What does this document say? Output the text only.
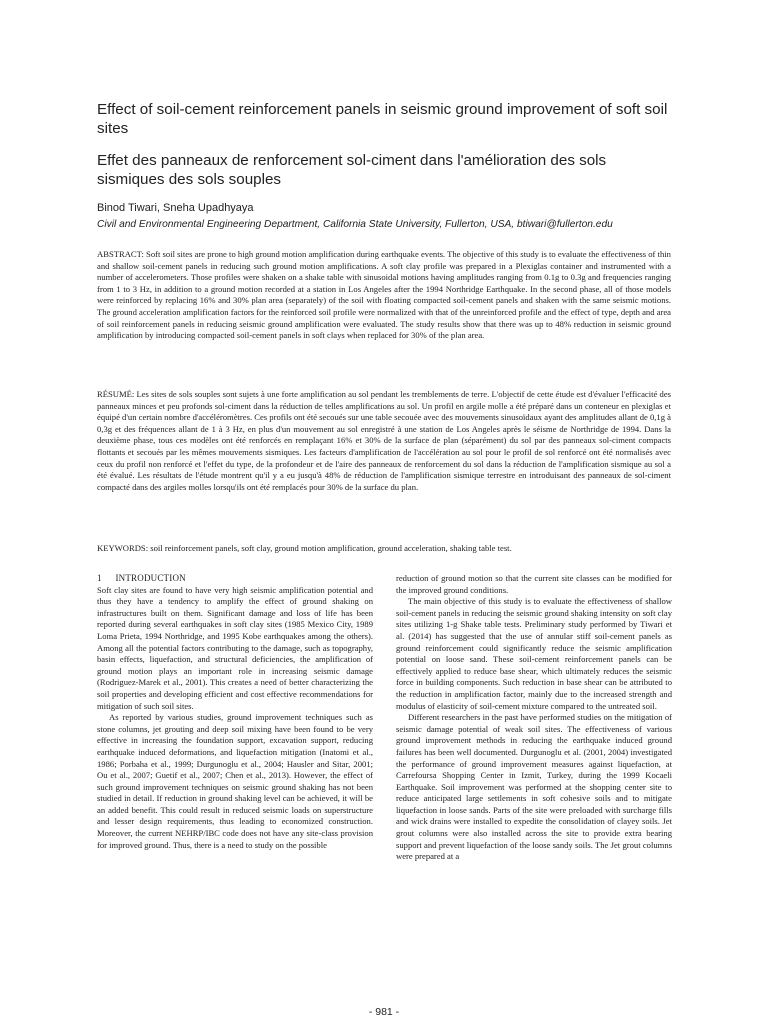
Effect of soil-cement reinforcement panels in seismic ground improvement of soft soil sites
Effet des panneaux de renforcement sol-ciment dans l'amélioration des sols sismiques des sols souples
Binod Tiwari, Sneha Upadhyaya
Civil and Environmental Engineering Department, California State University, Fullerton, USA, btiwari@fullerton.edu
ABSTRACT: Soft soil sites are prone to high ground motion amplification during earthquake events. The objective of this study is to evaluate the effectiveness of thin and shallow soil-cement panels in reducing such ground motion amplifications. A soft clay profile was prepared in a Plexiglas container and instrumented with a number of accelerometers. Those profiles were shaken on a shake table with sinusoidal motions having amplitudes ranging from 0.1g to 0.3g and frequencies ranging from 1 to 3 Hz, in addition to a ground motion recorded at a station in Los Angeles after the 1994 Northridge Earthquake. In the second phase, all of those models were reinforced by replacing 16% and 30% plan area (separately) of the soil with floating compacted soil-cement panels and shaken with the same seismic motions. The ground acceleration amplification factors for the reinforced soil profile were normalized with that of the unreinforced profile and the effect of type, depth and area of soil reinforcement panels in reducing seismic ground amplification were evaluated. The study results show that there was up to 48% reduction in seismic ground amplification by introducing compacted soil-cement panels in soft clays when replaced for 30% of the plan area.
RÉSUMÉ: Les sites de sols souples sont sujets à une forte amplification au sol pendant les tremblements de terre. L'objectif de cette étude est d'évaluer l'efficacité des panneaux minces et peu profonds sol-ciment dans la réduction de telles amplifications au sol. Un profil en argile molle a été préparé dans un conteneur en plexiglas et équipé d'un certain nombre d'accéléromètres. Ces profils ont été secoués sur une table secouée avec des mouvements sinusoïdaux ayant des amplitudes allant de 0,1g à 0,3g et des fréquences allant de 1 à 3 Hz, en plus d'un mouvement au sol enregistré à une station de Los Angeles après le séisme de Northridge de 1994. Dans la deuxième phase, tous ces modèles ont été renforcés en remplaçant 16% et 30% de la surface de plan (séparément) du sol par des panneaux sol-ciment compacts flottants et secoués par les mêmes mouvements sismiques. Les facteurs d'amplification de l'accélération au sol pour le profil de sol renforcé ont été normalisés avec ceux du profil non renforcé et l'effet du type, de la profondeur et de l'aire des panneaux de renforcement du sol dans la réduction de l'amplification sismique au sol a été évalué. Les résultats de l'étude montrent qu'il y a eu jusqu'à 48% de réduction de l'amplification sismique terrestre en introduisant des panneaux de sol-ciment compacté dans des argiles molles lorsqu'ils ont été remplacés pour 30% de la surface du plan.
KEYWORDS: soil reinforcement panels, soft clay, ground motion amplification, ground acceleration, shaking table test.

1 INTRODUCTION

Soft clay sites are found to have very high seismic amplification potential and thus they have a tendency to amplify the effect of ground shaking on infrastructures built on them. Significant damage and loss of life has been reported during several earthquakes in soft clay sites (1985 Mexico City, 1989 Loma Prieta, 1994 Northridge, and 1995 Kobe earthquakes among the others). Among all the potential factors contributing to the damage, such as topography, basin effects, liquefaction, and structural deficiencies, the amplification of ground motion plays an important role in increasing seismic damage (Rodriguez-Marek et al., 2001). This creates a need of better characterizing the soil properties and developing efficient and cost effective recommendations for mitigation of such soil sites.

As reported by various studies, ground improvement techniques such as stone columns, jet grouting and deep soil mixing have been found to be very effective in increasing the foundation support, excavation support, reducing earthquake induced deformations, and liquefaction mitigation (Inatomi et al., 1986; Porbaha et al., 1999; Durgunoglu et al., 2004; Hausler and Sitar, 2001; Ou et al., 2007; Guetif et al., 2007; Chen et al., 2013). However, the effect of such ground improvement techniques on seismic ground shaking has not been studied in detail. If reduction in ground shaking level can be achieved, it will be an added benefit. This could result in reduced seismic loads on superstructure and lesser design requirements, thus leading to economized construction. Moreover, the current NEHRP/IBC code does not have any site-class provision for improved ground. Thus, there is a need to study on the possible

reduction of ground motion so that the current site classes can be modified for the improved ground conditions.

The main objective of this study is to evaluate the effectiveness of shallow soil-cement panels in reducing the seismic ground shaking intensity on soft clay sites utilizing 1-g Shake table tests. Preliminary study performed by Tiwari et al. (2014) has suggested that the use of annular stiff soil-cement panels as ground reinforcement could significantly reduce the seismic amplification potential on loose sand. These soil-cement reinforcement panels can be effectively applied to reduce base shear, which ultimately reduces the seismic force in building components. Such reduction in base shear can be attributed to the reduction in amplification factor, mainly due to the increased strength and modulus of elasticity of soil-cement mixture compared to the untreated soil.

Different researchers in the past have performed studies on the mitigation of seismic damage potential of weak soil sites. The effectiveness of various ground improvement methods in reducing the earthquake induced ground failures has been well documented. Durgunoglu et al. (2001, 2004) investigated the performance of ground improvement measures against liquefaction, at Carrefoursa Shopping Center in Izmit, Turkey, during the 1999 Kocaeli Earthquake. Soil improvement was performed at the shopping center site to reduce anticipated large settlements in soft cohesive soils and to mitigate liquefaction in loose sands. Parts of the site were preloaded with surcharge fills and wick drains were installed to expedite the consolidation of clayey soils. Jet grout columns were also installed across the site to provide extra bearing support and prevent liquefaction of the loose sandy soils. The Jet grout columns were prepared at a

- 981 -
